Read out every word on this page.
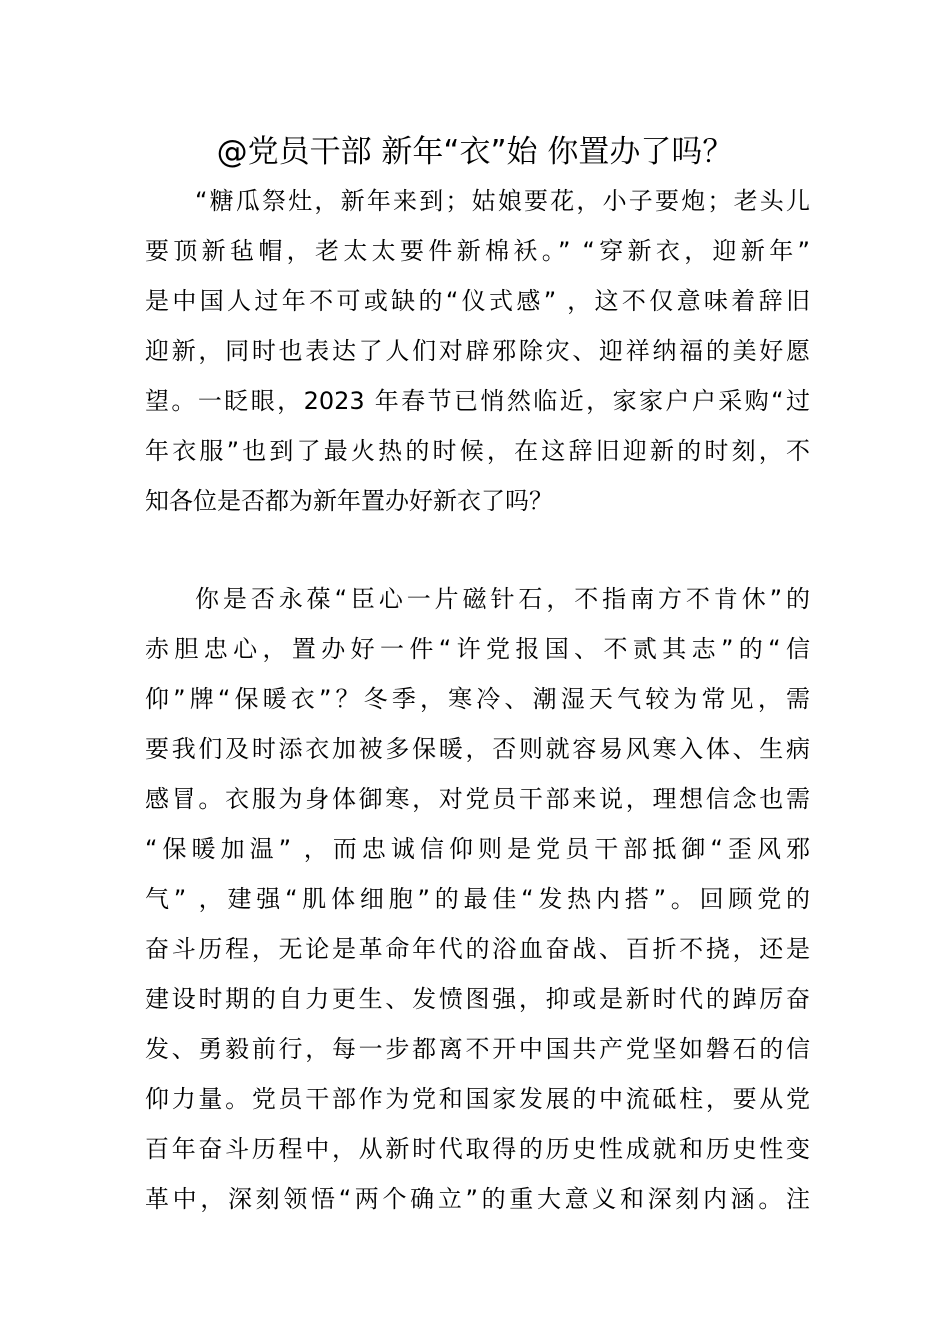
@党员干部 新年“衣”始 你置办了吗？
“糖瓜祭灶，新年来到；姑娘要花，小子要炮；老头儿
要顶新毡帽，老太太要件新棉袄。” “穿新衣，迎新年”
是中国人过年不可或缺的“仪式感” ，这不仅意味着辞旧
迎新，同时也表达了人们对辟邪除灾、迎祥纳福的美好愿
望。一眨眼，2023 年春节已悄然临近，家家户户采购“过
年衣服”也到了最火热的时候，在这辞旧迎新的时刻，不
知各位是否都为新年置办好新衣了吗？
你是否永葆“臣心一片磁针石，不指南方不肯休”的
赤胆忠心，置办好一件“许党报国、不贰其志”的“信
仰”牌“保暖衣”？冬季，寒冷、潮湿天气较为常见，需
要我们及时添衣加被多保暖，否则就容易风寒入体、生病
感冒。衣服为身体御寒，对党员干部来说，理想信念也需
“保暖加温” ，而忠诚信仰则是党员干部抵御“歪风邪
气” ，建强“肌体细胞”的最佳“发热内搭”。回顾党的
奋斗历程，无论是革命年代的浴血奋战、百折不挠，还是
建设时期的自力更生、发愤图强，抑或是新时代的踔厉奋
发、勇毅前行，每一步都离不开中国共产党坚如磐石的信
仰力量。党员干部作为党和国家发展的中流砥柱，要从党
百年奋斗历程中，从新时代取得的历史性成就和历史性变
革中，深刻领悟“两个确立”的重大意义和深刻内涵。注
